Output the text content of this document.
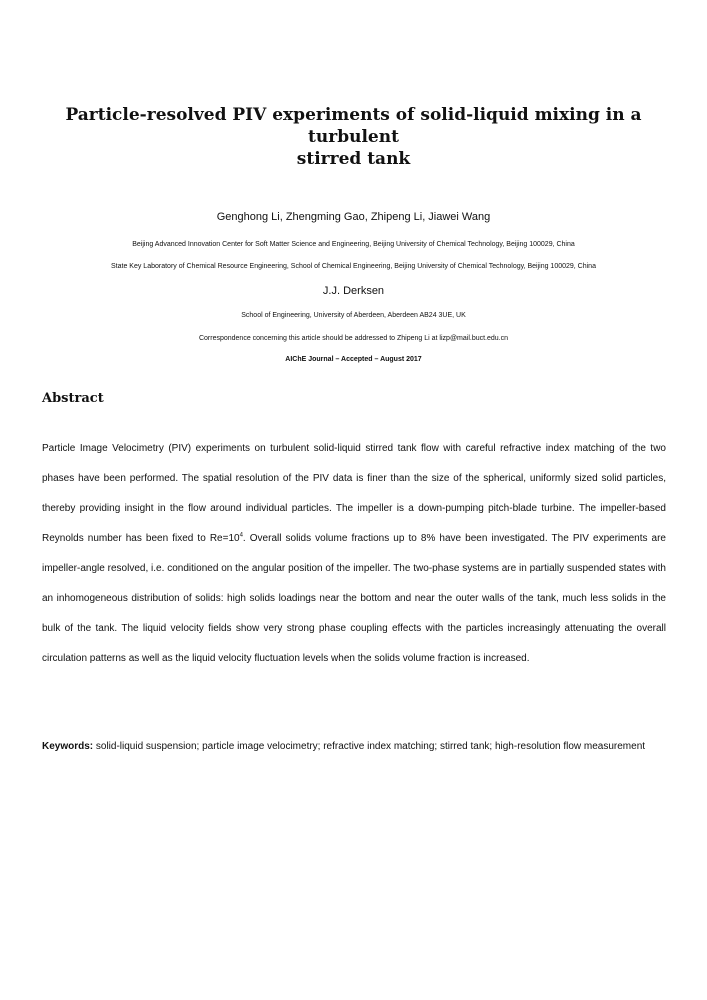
Particle-resolved PIV experiments of solid-liquid mixing in a turbulent
stirred tank
Genghong Li, Zhengming Gao, Zhipeng Li, Jiawei Wang
Beijing Advanced Innovation Center for Soft Matter Science and Engineering, Beijing University of Chemical Technology, Beijing 100029, China
State Key Laboratory of Chemical Resource Engineering, School of Chemical Engineering, Beijing University of Chemical Technology, Beijing 100029, China
J.J. Derksen
School of Engineering, University of Aberdeen, Aberdeen AB24 3UE, UK
Correspondence concerning this article should be addressed to Zhipeng Li at lizp@mail.buct.edu.cn
AIChE Journal – Accepted – August 2017
Abstract
Particle Image Velocimetry (PIV) experiments on turbulent solid-liquid stirred tank flow with careful refractive index matching of the two phases have been performed. The spatial resolution of the PIV data is finer than the size of the spherical, uniformly sized solid particles, thereby providing insight in the flow around individual particles. The impeller is a down-pumping pitch-blade turbine. The impeller-based Reynolds number has been fixed to $Re=10^4$. Overall solids volume fractions up to 8% have been investigated. The PIV experiments are impeller-angle resolved, i.e. conditioned on the angular position of the impeller. The two-phase systems are in partially suspended states with an inhomogeneous distribution of solids: high solids loadings near the bottom and near the outer walls of the tank, much less solids in the bulk of the tank. The liquid velocity fields show very strong phase coupling effects with the particles increasingly attenuating the overall circulation patterns as well as the liquid velocity fluctuation levels when the solids volume fraction is increased.
Keywords: solid-liquid suspension; particle image velocimetry; refractive index matching; stirred tank; high-resolution flow measurement
